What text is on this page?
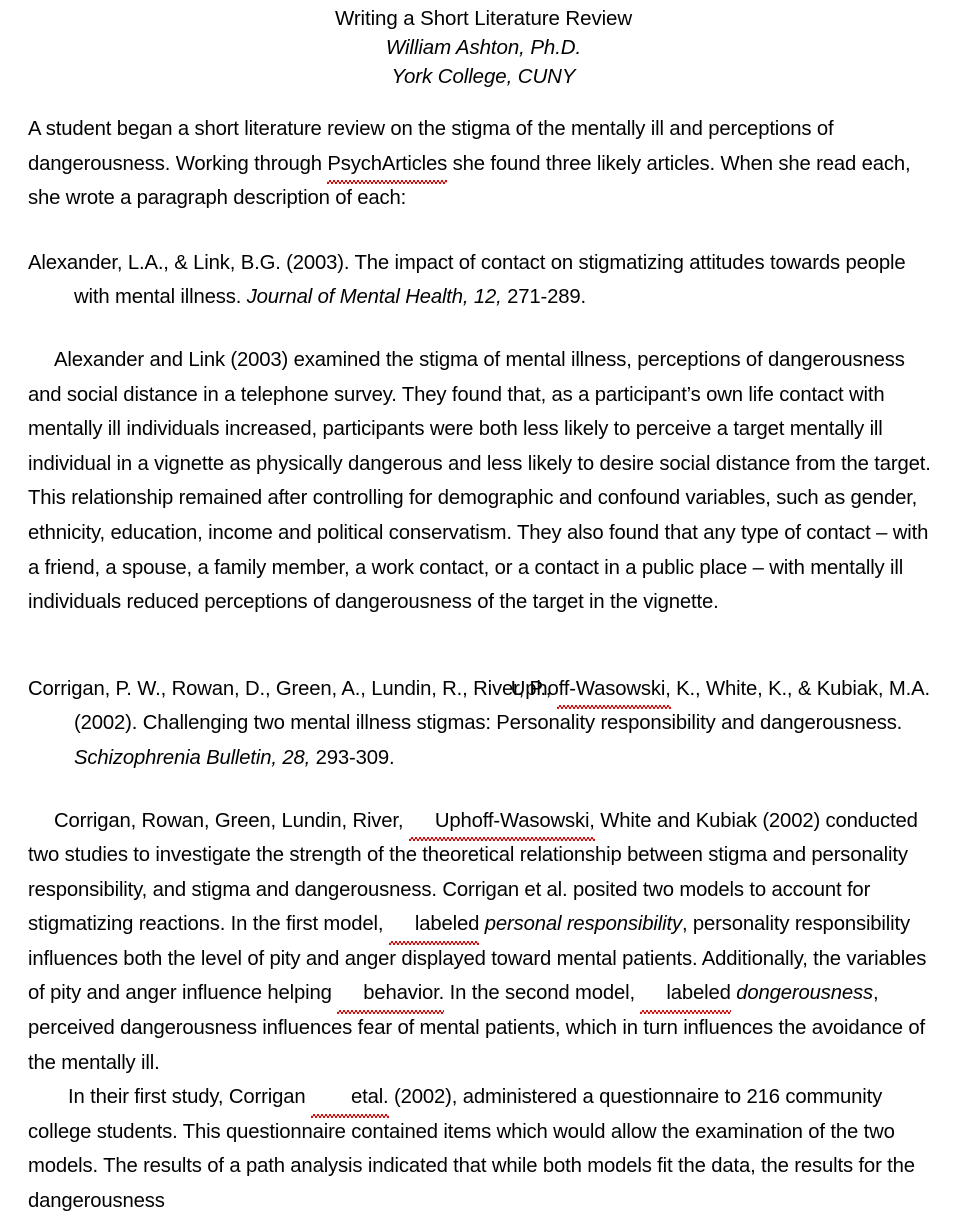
Writing a Short Literature Review
William Ashton, Ph.D.
York College, CUNY

A student began a short literature review on the stigma of the mentally ill and perceptions of dangerousness. Working through PsychArticles she found three likely articles. When she read each, she wrote a paragraph description of each:

Alexander, L.A., & Link, B.G. (2003). The impact of contact on stigmatizing attitudes towards people with mental illness. Journal of Mental Health, 12, 271-289.

Alexander and Link (2003) examined the stigma of mental illness, perceptions of dangerousness and social distance in a telephone survey. They found that, as a participant’s own life contact with mentally ill individuals increased, participants were both less likely to perceive a target mentally ill individual in a vignette as physically dangerous and less likely to desire social distance from the target. This relationship remained after controlling for demographic and confound variables, such as gender, ethnicity, education, income and political conservatism. They also found that any type of contact – with a friend, a spouse, a family member, a work contact, or a contact in a public place – with mentally ill individuals reduced perceptions of dangerousness of the target in the vignette.

Corrigan, P. W., Rowan, D., Green, A., Lundin, R., River, P., Uphoff-Wasowski, K., White, K., & Kubiak, M.A. (2002). Challenging two mental illness stigmas: Personality responsibility and dangerousness. Schizophrenia Bulletin, 28, 293-309.

Corrigan, Rowan, Green, Lundin, River, Uphoff-Wasowski, White and Kubiak (2002) conducted two studies to investigate the strength of the theoretical relationship between stigma and personality responsibility, and stigma and dangerousness. Corrigan et al. posited two models to account for stigmatizing reactions. In the first model, labeled personal responsibility, personality responsibility influences both the level of pity and anger displayed toward mental patients. Additionally, the variables of pity and anger influence helping behavior. In the second model, labeled dongerousness, perceived dangerousness influences fear of mental patients, which in turn influences the avoidance of the mentally ill.

In their first study, Corrigan etal. (2002), administered a questionnaire to 216 community college students. This questionnaire contained items which would allow the examination of the two models. The results of a path analysis indicated that while both models fit the data, the results for the dangerousness
